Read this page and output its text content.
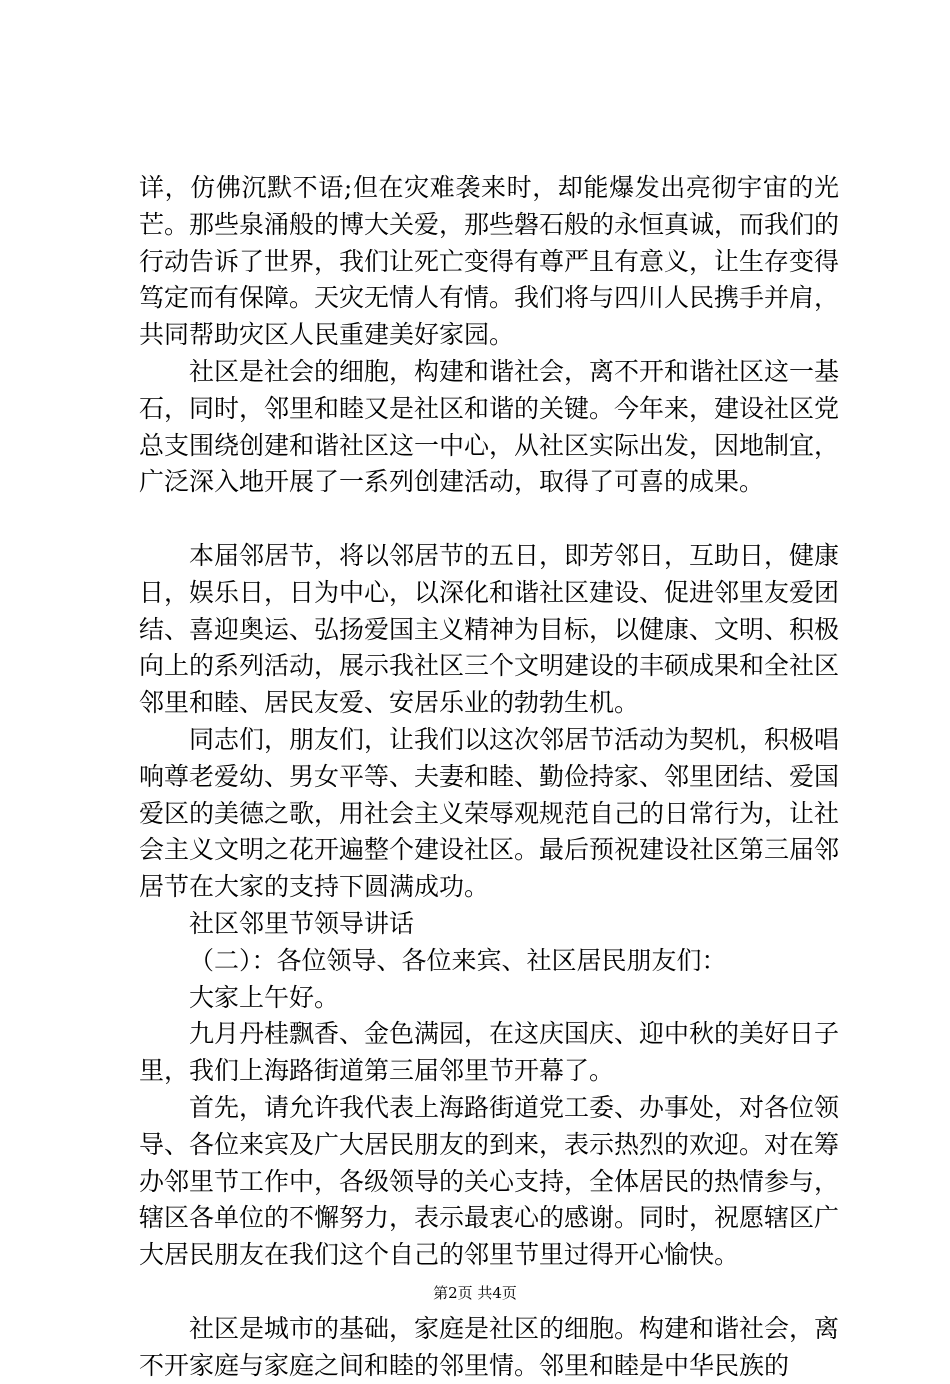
详，仿佛沉默不语;但在灾难袭来时，却能爆发出亮彻宇宙的光芒。那些泉涌般的博大关爱，那些磐石般的永恒真诚，而我们的行动告诉了世界，我们让死亡变得有尊严且有意义，让生存变得笃定而有保障。天灾无情人有情。我们将与四川人民携手并肩，共同帮助灾区人民重建美好家园。

社区是社会的细胞，构建和谐社会，离不开和谐社区这一基石，同时，邻里和睦又是社区和谐的关键。今年来，建设社区党总支围绕创建和谐社区这一中心，从社区实际出发，因地制宜，广泛深入地开展了一系列创建活动，取得了可喜的成果。

本届邻居节，将以邻居节的五日，即芳邻日，互助日，健康日，娱乐日，日为中心，以深化和谐社区建设、促进邻里友爱团结、喜迎奥运、弘扬爱国主义精神为目标，以健康、文明、积极向上的系列活动，展示我社区三个文明建设的丰硕成果和全社区邻里和睦、居民友爱、安居乐业的勃勃生机。

同志们，朋友们，让我们以这次邻居节活动为契机，积极唱响尊老爱幼、男女平等、夫妻和睦、勤俭持家、邻里团结、爱国爱区的美德之歌，用社会主义荣辱观规范自己的日常行为，让社会主义文明之花开遍整个建设社区。最后预祝建设社区第三届邻居节在大家的支持下圆满成功。

社区邻里节领导讲话

（二）：各位领导、各位来宾、社区居民朋友们：

大家上午好。

九月丹桂飘香、金色满园，在这庆国庆、迎中秋的美好日子里，我们上海路街道第三届邻里节开幕了。

首先，请允许我代表上海路街道党工委、办事处，对各位领导、各位来宾及广大居民朋友的到来，表示热烈的欢迎。对在筹办邻里节工作中，各级领导的关心支持，全体居民的热情参与，辖区各单位的不懈努力，表示最衷心的感谢。同时，祝愿辖区广大居民朋友在我们这个自己的邻里节里过得开心愉快。

社区是城市的基础，家庭是社区的细胞。构建和谐社会，离不开家庭与家庭之间和睦的邻里情。邻里和睦是中华民族的

第2页 共4页
